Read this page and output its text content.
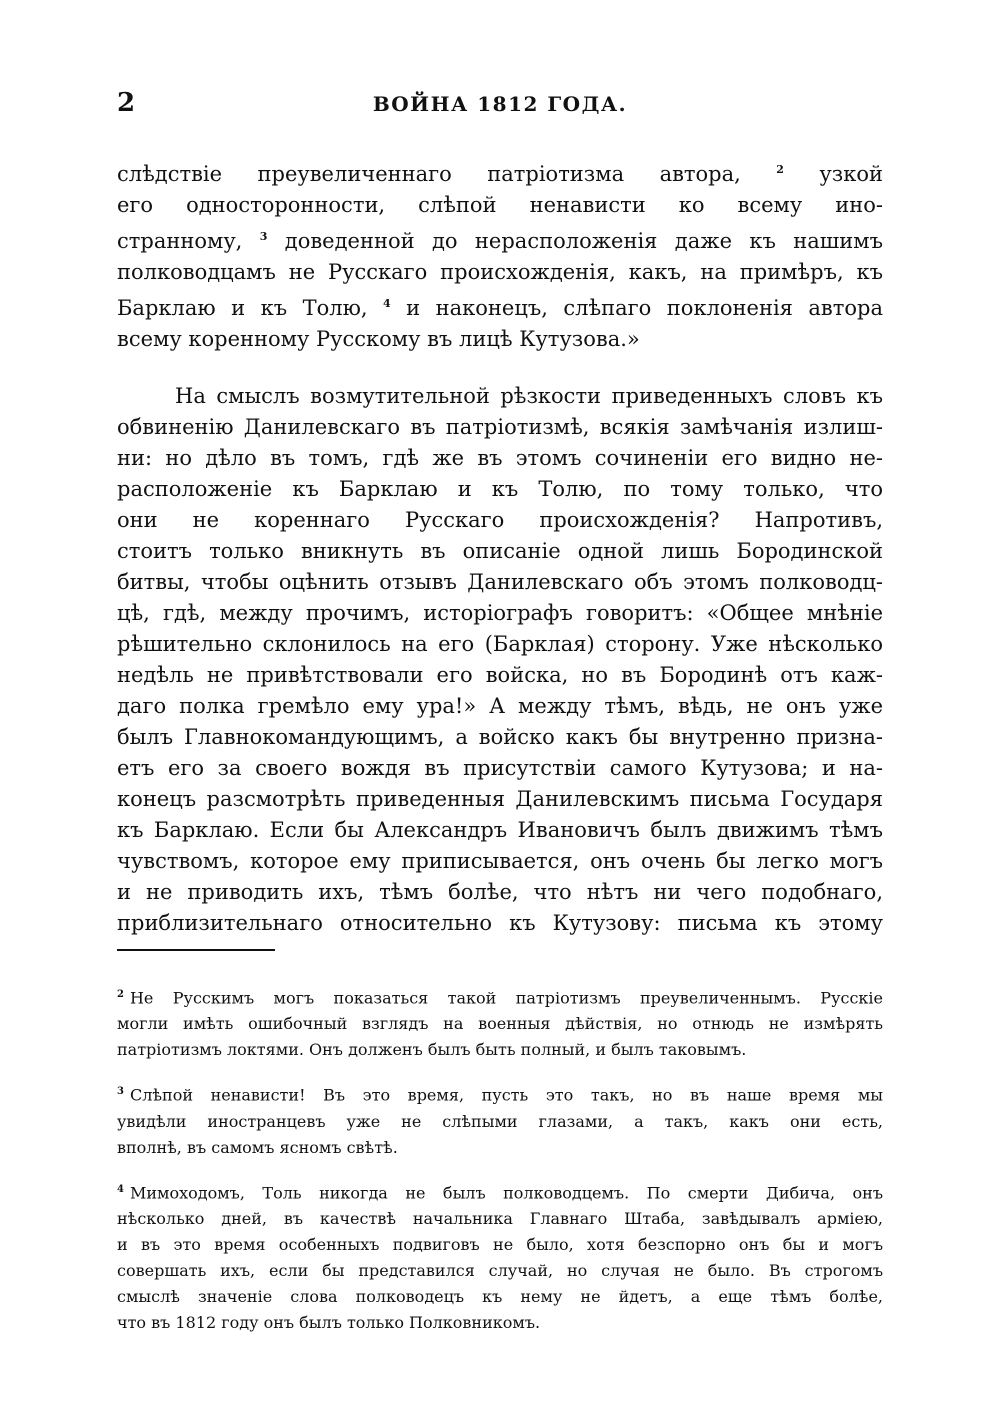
2	ВОЙНА 1812 ГОДА.

слѣдствіе преувеличеннаго патріотизма автора, $^2$ узкой
его односторонности, слѣпой ненависти ко всему ино-
странному, $^3$ доведенной до нерасположенія даже къ нашимъ
полководцамъ не Русскаго происхожденія, какъ, на примѣръ, къ
Барклаю и къ Толю, $^4$ и наконецъ, слѣпаго поклоненія автора
всему коренному Русскому въ лицѣ Кутузова.»

На смыслъ возмутительной рѣзкости приведенныхъ словъ къ
обвиненію Данилевскаго въ патріотизмѣ, всякія замѣчанія излиш-
ни: но дѣло въ томъ, гдѣ же въ этомъ сочиненіи его видно не-
расположеніе къ Барклаю и къ Толю, по тому только, что
они не кореннаго Русскаго происхожденія? Напротивъ,
стоитъ только вникнуть въ описаніе одной лишь Бородинской
битвы, чтобы оцѣнить отзывъ Данилевскаго объ этомъ полководц-
цѣ, гдѣ, между прочимъ, исторіографъ говоритъ: «Общее мнѣніе
рѣшительно склонилось на его (Барклая) сторону. Уже нѣсколько
недѣль не привѣтствовали его войска, но въ Бородинѣ отъ каж-
даго полка гремѣло ему ура!» А между тѣмъ, вѣдь, не онъ уже
былъ Главнокомандующимъ, а войско какъ бы внутренно призна-
етъ его за своего вождя въ присутствіи самого Кутузова; и на-
конецъ разсмотрѣть приведенныя Данилевскимъ письма Государя
къ Барклаю. Если бы Александръ Ивановичъ былъ движимъ тѣмъ
чувствомъ, которое ему приписывается, онъ очень бы легко могъ
и не приводить ихъ, тѣмъ болѣе, что нѣтъ ни чего подобнаго,
приблизительнаго относительно къ Кутузову: письма къ этому

$^2$ Не Русскимъ могъ показаться такой патріотизмъ преувеличеннымъ. Русскіе
могли имѣть ошибочный взглядъ на военныя дѣйствія, но отнюдь не измѣрять
патріотизмъ локтями. Онъ долженъ былъ быть полный, и былъ таковымъ.

$^3$ Слѣпой ненависти! Въ это время, пусть это такъ, но въ наше время мы
увидѣли иностранцевъ уже не слѣпыми глазами, а такъ, какъ они есть,
вполнѣ, въ самомъ ясномъ свѣтѣ.

$^4$ Мимоходомъ, Толь никогда не былъ полководцемъ. По смерти Дибича, онъ
нѣсколько дней, въ качествѣ начальника Главнаго Штаба, завѣдывалъ арміею,
и въ это время особенныхъ подвиговъ не было, хотя безспорно онъ бы и могъ
совершать ихъ, если бы представился случай, но случая не было. Въ строгомъ
смыслѣ значеніе слова полководецъ къ нему не йдетъ, а еще тѣмъ болѣе,
что въ 1812 году онъ былъ только Полковникомъ.
